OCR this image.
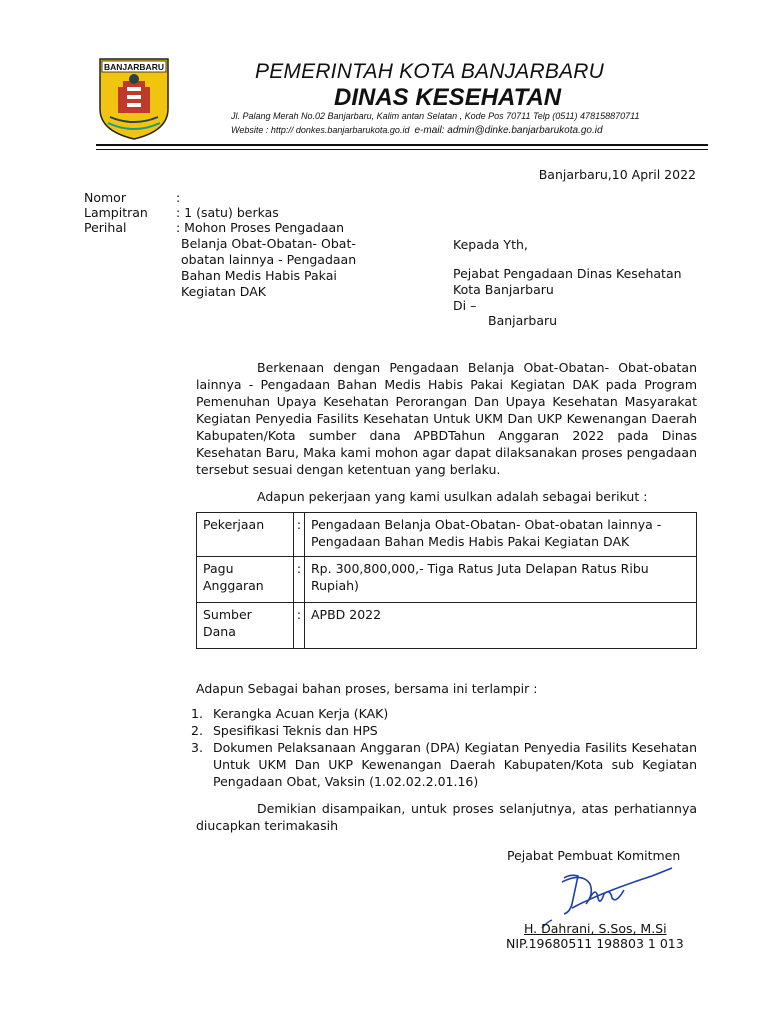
BANJARBARU	PEMERINTAH KOTA BANJARBARU
DINAS KESEHATAN
Jl. Palang Merah No.02 Banjarbaru, Kalim antan Selatan , Kode Pos 70711 Telp (0511) 478158870711
Website : http:// donkes.banjarbarukota.go.id e-mail: admin@dinke.banjarbarukota.go.id
Banjarbaru,10 April 2022
Nomor	:
Lampitran : 1 (satu) berkas
Perihal	: Mohon Proses Pengadaan
Belanja Obat-Obatan- Obat-
obatan lainnya - Pengadaan
Bahan Medis Habis Pakai
Kegiatan DAK
Kepada Yth,
Pejabat Pengadaan Dinas Kesehatan
Kota Banjarbaru
Di –
Banjarbaru
Berkenaan dengan Pengadaan Belanja Obat-Obatan- Obat-obatan lainnya - Pengadaan Bahan Medis Habis Pakai Kegiatan DAK pada Program Pemenuhan Upaya Kesehatan Perorangan Dan Upaya Kesehatan Masyarakat Kegiatan Penyedia Fasilits Kesehatan Untuk UKM Dan UKP Kewenangan Daerah Kabupaten/Kota sumber dana APBDTahun Anggaran 2022 pada Dinas Kesehatan Baru, Maka kami mohon agar dapat dilaksanakan proses pengadaan tersebut sesuai dengan ketentuan yang berlaku.
Adapun pekerjaan yang kami usulkan adalah sebagai berikut :
Pekerjaan	:	Pengadaan Belanja Obat-Obatan- Obat-obatan lainnya - Pengadaan Bahan Medis Habis Pakai Kegiatan DAK
Pagu Anggaran	:	Rp. 300,800,000,- Tiga Ratus Juta Delapan Ratus Ribu Rupiah)
Sumber Dana	:	APBD 2022
Adapun Sebagai bahan proses, bersama ini terlampir :
1. Kerangka Acuan Kerja (KAK)
2. Spesifikasi Teknis dan HPS
3. Dokumen Pelaksanaan Anggaran (DPA) Kegiatan Penyedia Fasilits Kesehatan Untuk UKM Dan UKP Kewenangan Daerah Kabupaten/Kota sub Kegiatan Pengadaan Obat, Vaksin (1.02.02.2.01.16)
Demikian disampaikan, untuk proses selanjutnya, atas perhatiannya diucapkan terimakasih
Pejabat Pembuat Komitmen
H. Dahrani, S.Sos, M.Si
NIP.19680511 198803 1 013
